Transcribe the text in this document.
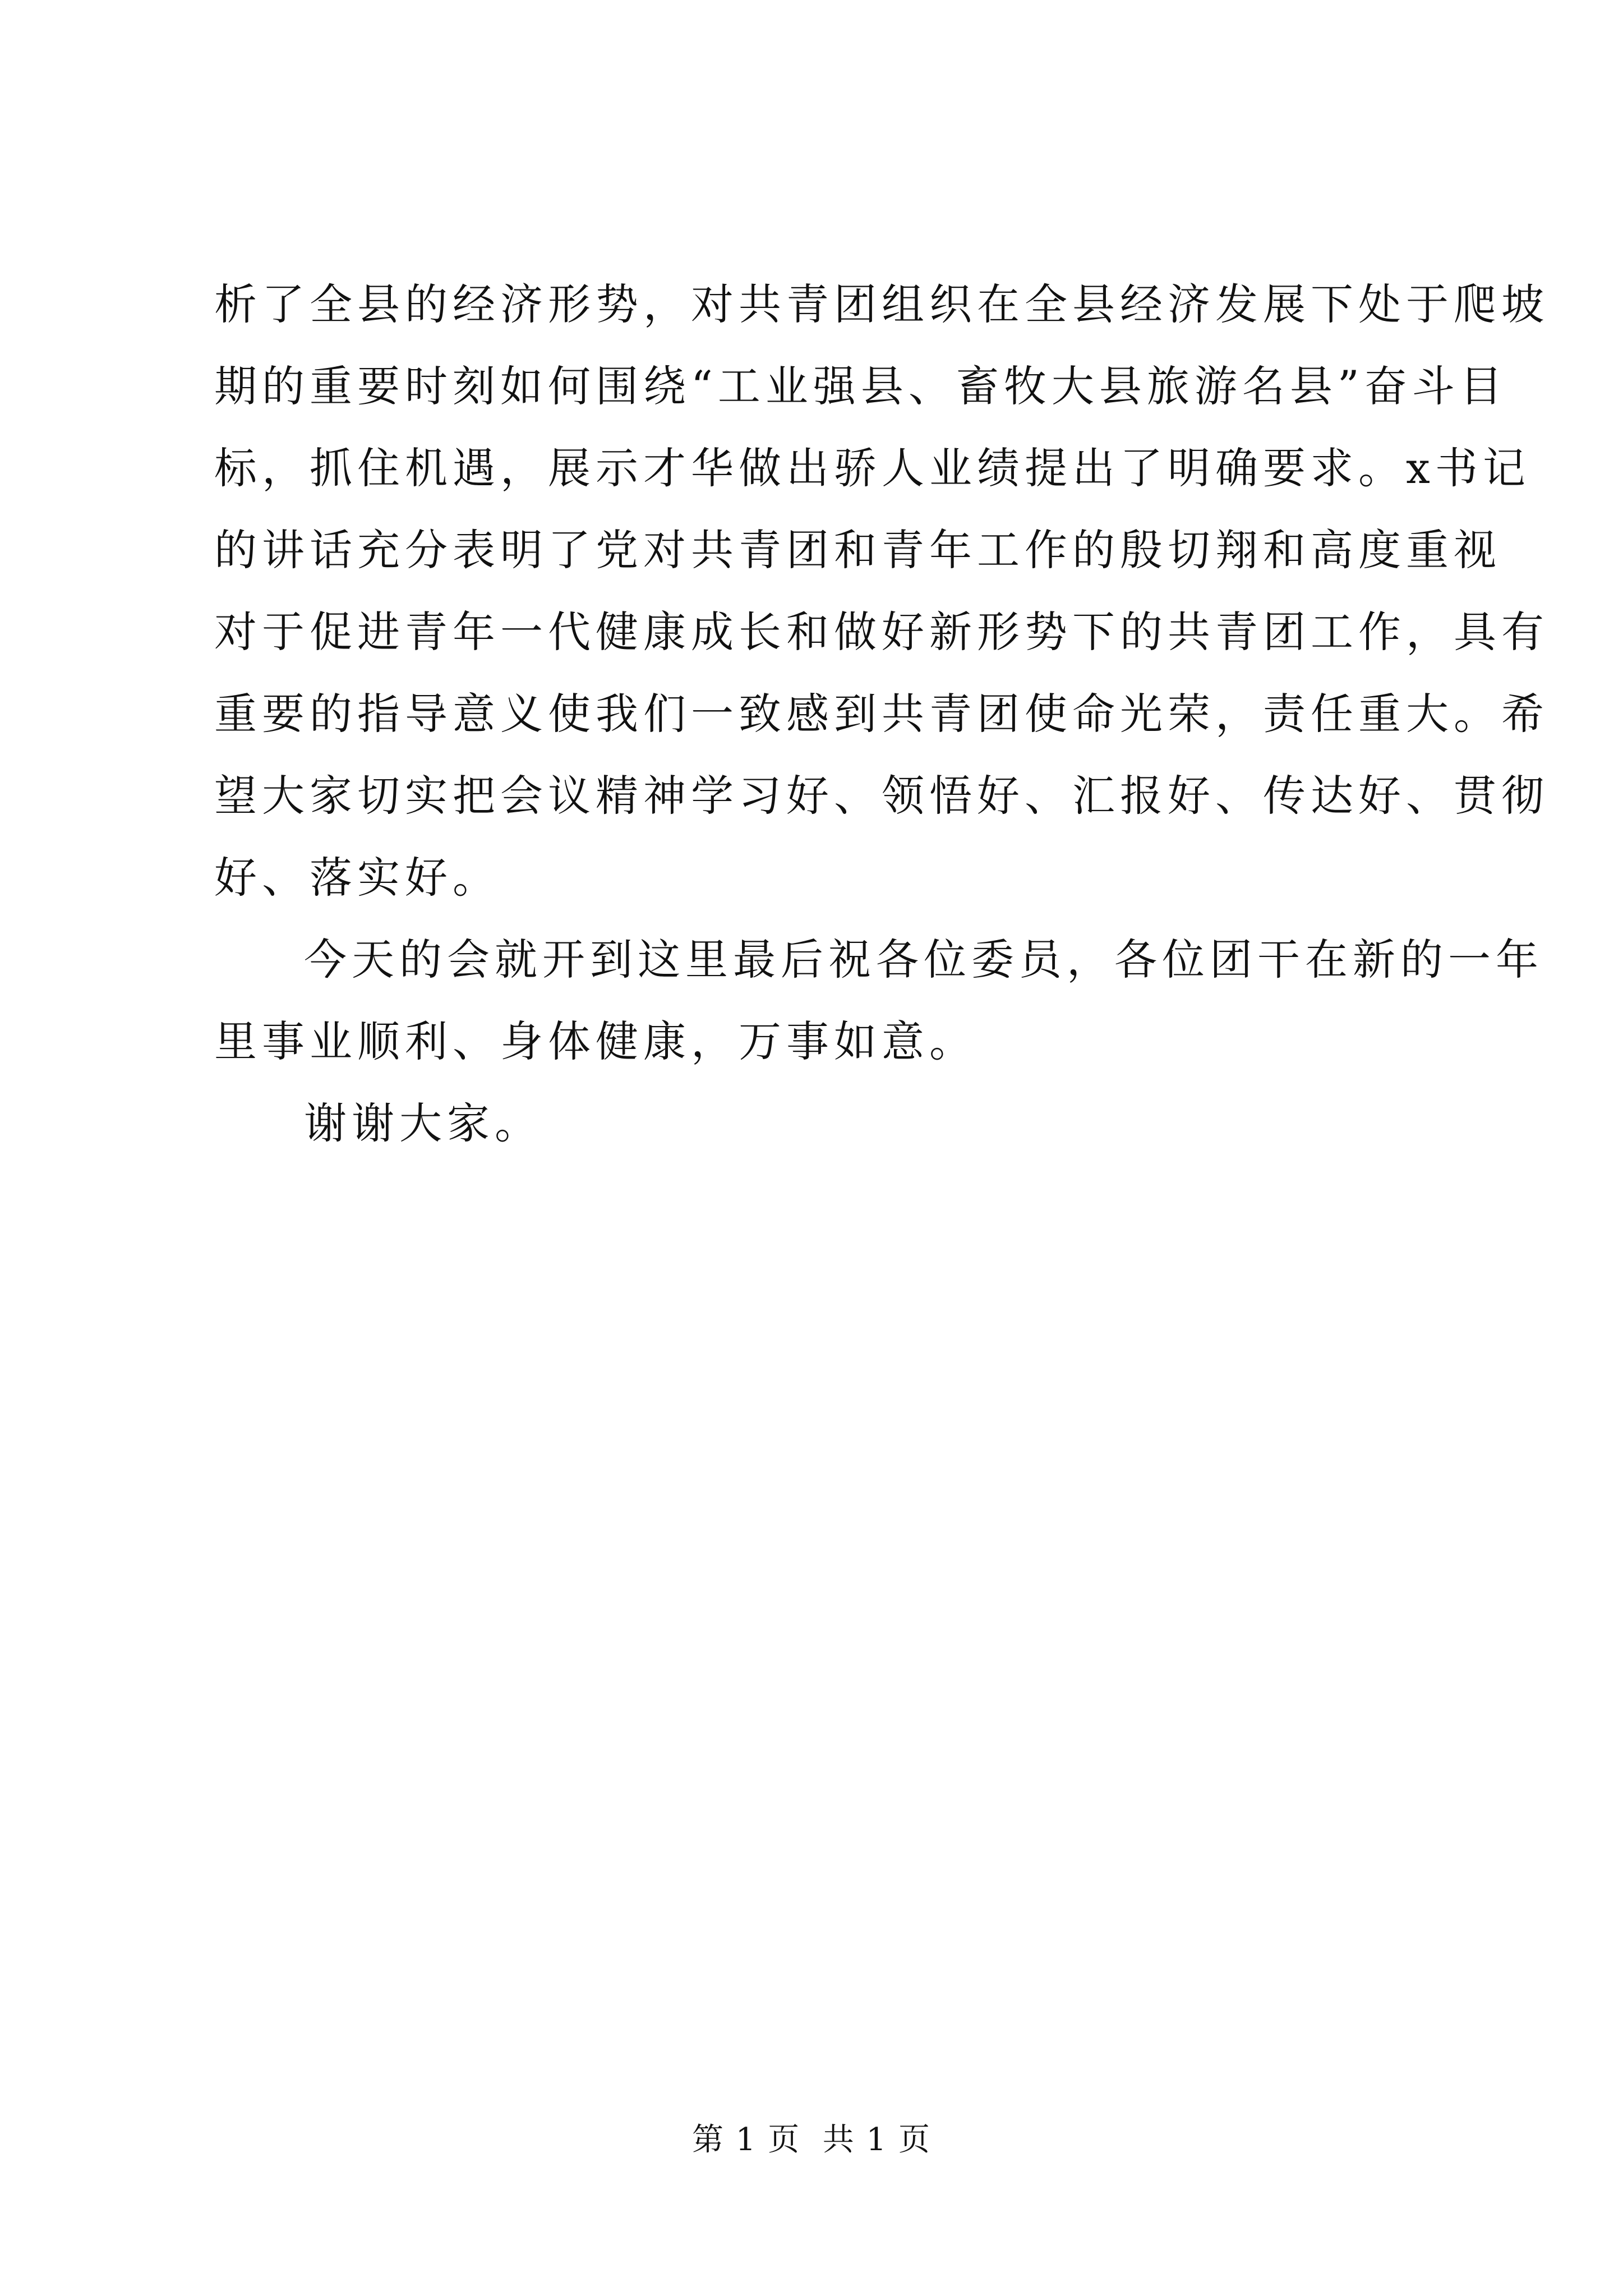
析了全县的经济形势，对共青团组织在全县经济发展下处于爬坡
期的重要时刻如何围绕“工业强县、畜牧大县旅游名县”奋斗目
标，抓住机遇，展示才华做出骄人业绩提出了明确要求。x书记
的讲话充分表明了党对共青团和青年工作的殷切翔和高度重视
对于促进青年一代健康成长和做好新形势下的共青团工作，具有
重要的指导意义使我们一致感到共青团使命光荣，责任重大。希
望大家切实把会议精神学习好、领悟好、汇报好、传达好、贯彻
好、落实好。
今天的会就开到这里最后祝各位委员，各位团干在新的一年
里事业顺利、身体健康，万事如意。
谢谢大家。
第 1 页  共 1 页
